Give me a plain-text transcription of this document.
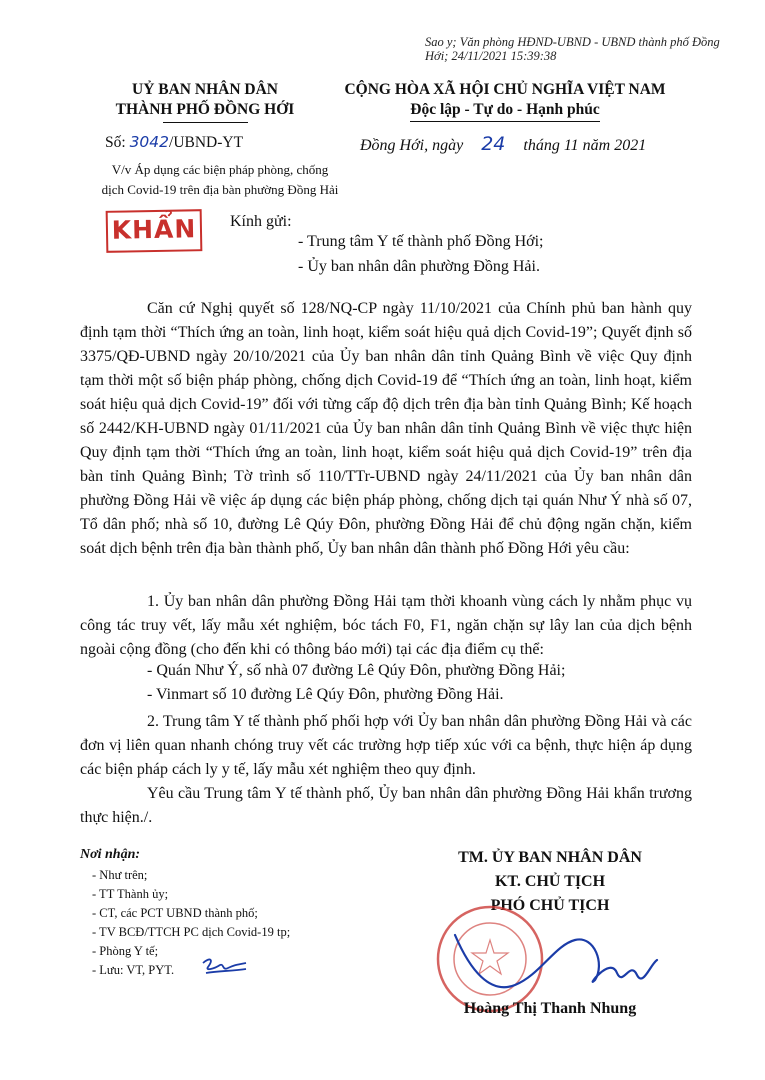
Sao y; Văn phòng HĐND-UBND - UBND thành phố Đồng Hới; 24/11/2021 15:39:38
UỶ BAN NHÂN DÂN
THÀNH PHỐ ĐỒNG HỚI
CỘNG HÒA XÃ HỘI CHỦ NGHĨA VIỆT NAM
Độc lập - Tự do - Hạnh phúc
Số: 3042/UBND-YT
V/v Áp dụng các biện pháp phòng, chống
dịch Covid-19 trên địa bàn phường Đồng Hải
Đồng Hới, ngày 24 tháng 11 năm 2021
KHẨN	Kính gửi:
- Trung tâm Y tế thành phố Đồng Hới;
- Ủy ban nhân dân phường Đồng Hải.
Căn cứ Nghị quyết số 128/NQ-CP ngày 11/10/2021 của Chính phủ ban hành quy định tạm thời “Thích ứng an toàn, linh hoạt, kiểm soát hiệu quả dịch Covid-19”; Quyết định số 3375/QĐ-UBND ngày 20/10/2021 của Ủy ban nhân dân tỉnh Quảng Bình về việc Quy định tạm thời một số biện pháp phòng, chống dịch Covid-19 để “Thích ứng an toàn, linh hoạt, kiểm soát hiệu quả dịch Covid-19” đối với từng cấp độ dịch trên địa bàn tỉnh Quảng Bình; Kế hoạch số 2442/KH-UBND ngày 01/11/2021 của Ủy ban nhân dân tỉnh Quảng Bình về việc thực hiện Quy định tạm thời “Thích ứng an toàn, linh hoạt, kiểm soát hiệu quả dịch Covid-19” trên địa bàn tỉnh Quảng Bình; Tờ trình số 110/TTr-UBND ngày 24/11/2021 của Ủy ban nhân dân phường Đồng Hải về việc áp dụng các biện pháp phòng, chống dịch tại quán Như Ý nhà số 07, Tổ dân phố; nhà số 10, đường Lê Qúy Đôn, phường Đồng Hải để chủ động ngăn chặn, kiểm soát dịch bệnh trên địa bàn thành phố, Ủy ban nhân dân thành phố Đồng Hới yêu cầu:
1. Ủy ban nhân dân phường Đồng Hải tạm thời khoanh vùng cách ly nhằm phục vụ công tác truy vết, lấy mẫu xét nghiệm, bóc tách F0, F1, ngăn chặn sự lây lan của dịch bệnh ngoài cộng đồng (cho đến khi có thông báo mới) tại các địa điểm cụ thể:
- Quán Như Ý, số nhà 07 đường Lê Qúy Đôn, phường Đồng Hải;
- Vinmart số 10 đường Lê Qúy Đôn, phường Đồng Hải.
2. Trung tâm Y tế thành phố phối hợp với Ủy ban nhân dân phường Đồng Hải và các đơn vị liên quan nhanh chóng truy vết các trường hợp tiếp xúc với ca bệnh, thực hiện áp dụng các biện pháp cách ly y tế, lấy mẫu xét nghiệm theo quy định.
Yêu cầu Trung tâm Y tế thành phố, Ủy ban nhân dân phường Đồng Hải khẩn trương thực hiện./.
Nơi nhận:
- Như trên;
- TT Thành ủy;
- CT, các PCT UBND thành phố;
- TV BCĐ/TTCH PC dịch Covid-19 tp;
- Phòng Y tế;
- Lưu: VT, PYT.
TM. ỦY BAN NHÂN DÂN
KT. CHỦ TỊCH
PHÓ CHỦ TỊCH
Hoàng Thị Thanh Nhung
